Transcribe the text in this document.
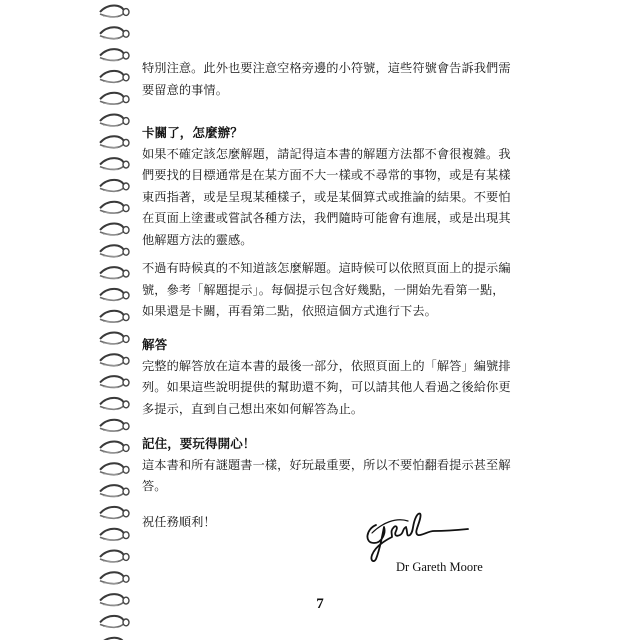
特別注意。此外也要注意空格旁邊的小符號，這些符號會告訴我們需

要留意的事情。

卡關了，怎麼辦？

如果不確定該怎麼解題，請記得這本書的解題方法都不會很複雜。我

們要找的目標通常是在某方面不大一樣或不尋常的事物，或是有某樣

東西指著，或是呈現某種樣子，或是某個算式或推論的結果。不要怕

在頁面上塗畫或嘗試各種方法，我們隨時可能會有進展，或是出現其

他解題方法的靈感。

不過有時候真的不知道該怎麼解題。這時候可以依照頁面上的提示編

號，參考「解題提示」。每個提示包含好幾點，一開始先看第一點，

如果還是卡關，再看第二點，依照這個方式進行下去。

解答

完整的解答放在這本書的最後一部分，依照頁面上的「解答」編號排

列。如果這些說明提供的幫助還不夠，可以請其他人看過之後給你更

多提示，直到自己想出來如何解答為止。

記住，要玩得開心！

這本書和所有謎題書一樣，好玩最重要，所以不要怕翻看提示甚至解

答。

祝任務順利！
Dr Gareth Moore
7
